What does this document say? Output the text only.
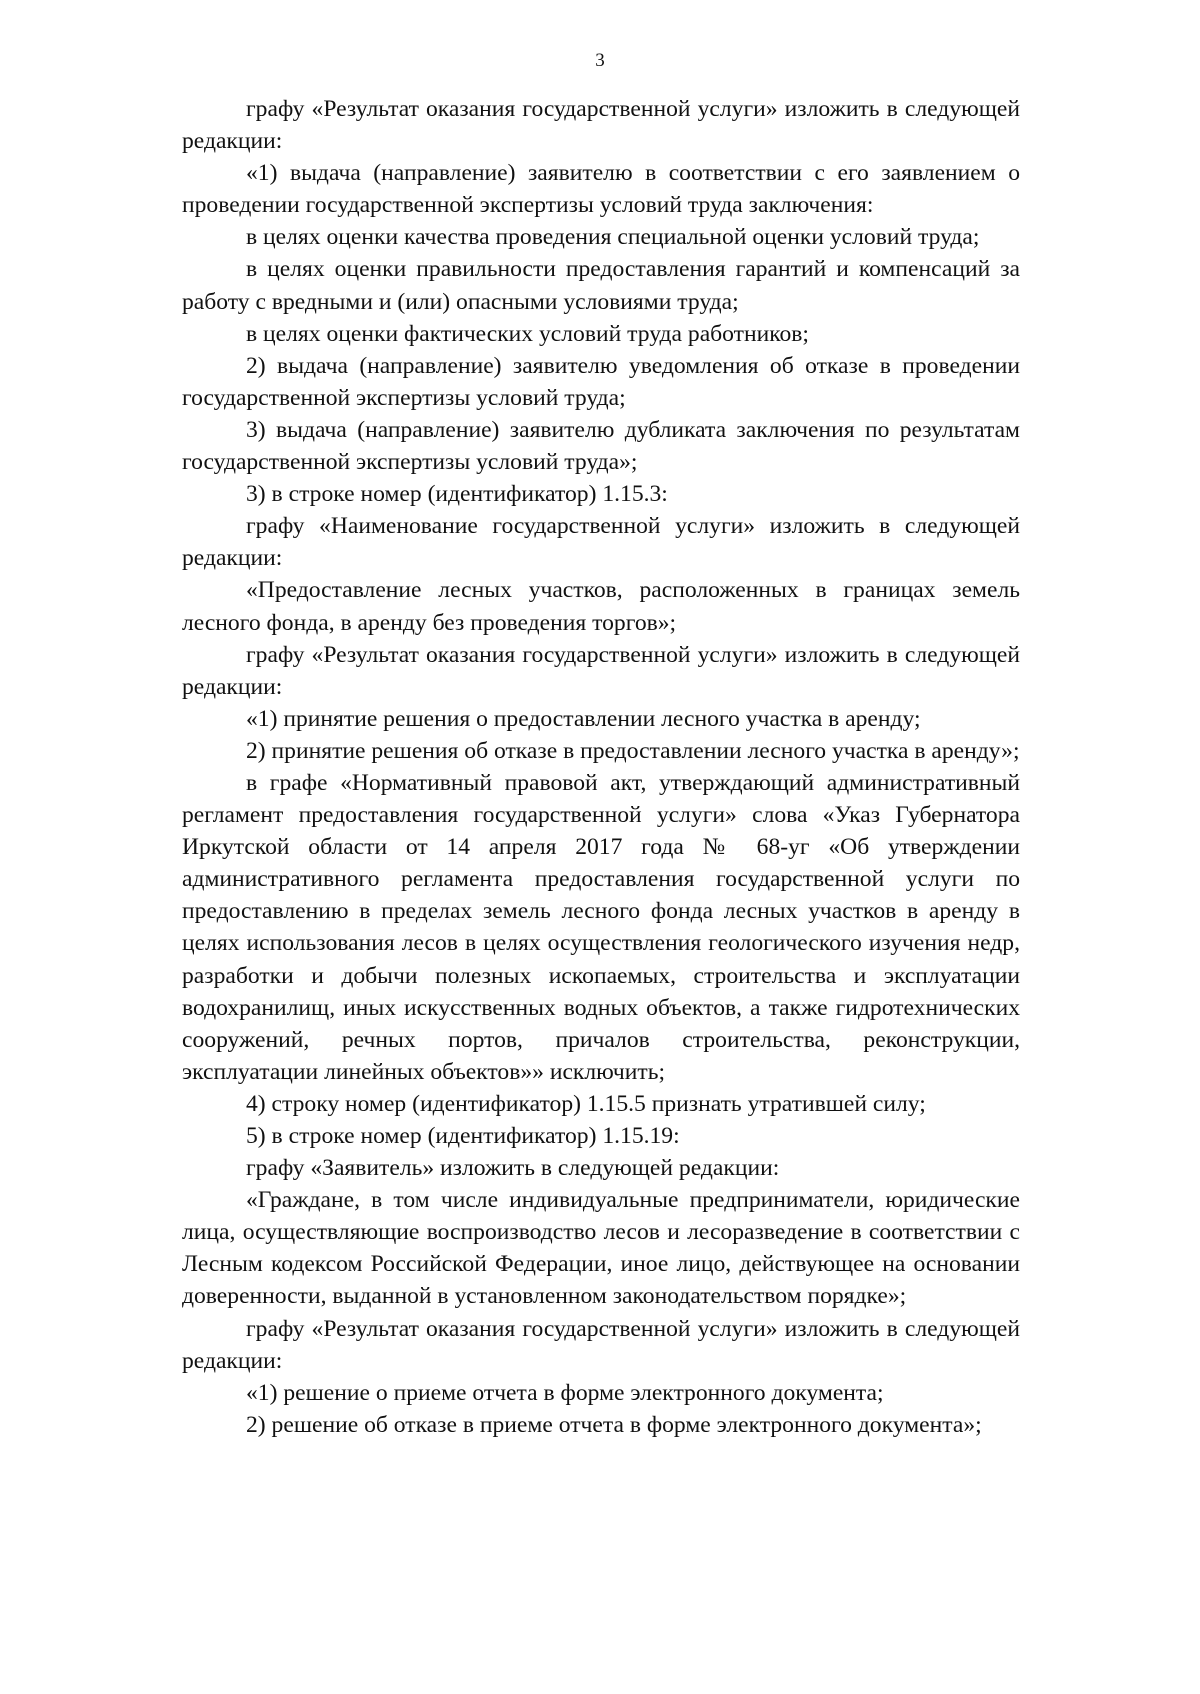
3

графу «Результат оказания государственной услуги» изложить в следующей редакции:

«1) выдача (направление) заявителю в соответствии с его заявлением о проведении государственной экспертизы условий труда заключения:

в целях оценки качества проведения специальной оценки условий труда;

в целях оценки правильности предоставления гарантий и компенсаций за работу с вредными и (или) опасными условиями труда;

в целях оценки фактических условий труда работников;

2) выдача (направление) заявителю уведомления об отказе в проведении государственной экспертизы условий труда;

3) выдача (направление) заявителю дубликата заключения по результатам государственной экспертизы условий труда»;

3) в строке номер (идентификатор) 1.15.3:

графу «Наименование государственной услуги» изложить в следующей редакции:

«Предоставление лесных участков, расположенных в границах земель лесного фонда, в аренду без проведения торгов»;

графу «Результат оказания государственной услуги» изложить в следующей редакции:

«1) принятие решения о предоставлении лесного участка в аренду;

2) принятие решения об отказе в предоставлении лесного участка в аренду»;

в графе «Нормативный правовой акт, утверждающий административный регламент предоставления государственной услуги» слова «Указ Губернатора Иркутской области от 14 апреля 2017 года № 68-уг «Об утверждении административного регламента предоставления государственной услуги по предоставлению в пределах земель лесного фонда лесных участков в аренду в целях использования лесов в целях осуществления геологического изучения недр, разработки и добычи полезных ископаемых, строительства и эксплуатации водохранилищ, иных искусственных водных объектов, а также гидротехнических сооружений, речных портов, причалов строительства, реконструкции, эксплуатации линейных объектов»» исключить;

4) строку номер (идентификатор) 1.15.5 признать утратившей силу;

5) в строке номер (идентификатор) 1.15.19:

графу «Заявитель» изложить в следующей редакции:

«Граждане, в том числе индивидуальные предприниматели, юридические лица, осуществляющие воспроизводство лесов и лесоразведение в соответствии с Лесным кодексом Российской Федерации, иное лицо, действующее на основании доверенности, выданной в установленном законодательством порядке»;

графу «Результат оказания государственной услуги» изложить в следующей редакции:

«1) решение о приеме отчета в форме электронного документа;

2) решение об отказе в приеме отчета в форме электронного документа»;
